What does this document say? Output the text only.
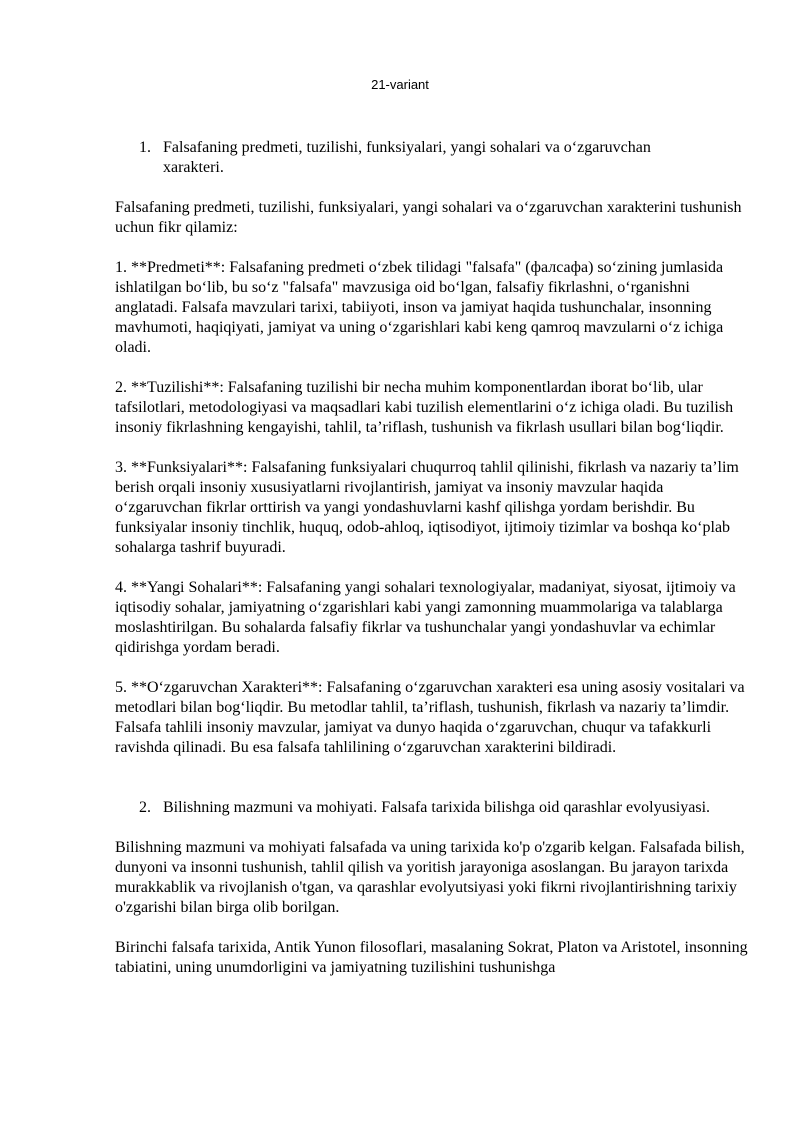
21-variant
1. Falsafaning predmeti, tuzilishi, funksiyalari, yangi sohalari va o‘zgaruvchan xarakteri.

Falsafaning predmeti, tuzilishi, funksiyalari, yangi sohalari va o‘zgaruvchan xarakterini tushunish uchun fikr qilamiz:

1. **Predmeti**: Falsafaning predmeti o‘zbek tilidagi "falsafa" (фалсафа) so‘zining jumlasida ishlatilgan bo‘lib, bu so‘z "falsafa" mavzusiga oid bo‘lgan, falsafiy fikrlashni, o‘rganishni anglatadi. Falsafa mavzulari tarixi, tabiiyoti, inson va jamiyat haqida tushunchalar, insonning mavhumoti, haqiqiyati, jamiyat va uning o‘zgarishlari kabi keng qamroq mavzularni o‘z ichiga oladi.

2. **Tuzilishi**: Falsafaning tuzilishi bir necha muhim komponentlardan iborat bo‘lib, ular tafsilotlari, metodologiyasi va maqsadlari kabi tuzilish elementlarini o‘z ichiga oladi. Bu tuzilish insoniy fikrlashning kengayishi, tahlil, ta’riflash, tushunish va fikrlash usullari bilan bog‘liqdir.

3. **Funksiyalari**: Falsafaning funksiyalari chuqurroq tahlil qilinishi, fikrlash va nazariy ta’lim berish orqali insoniy xususiyatlarni rivojlantirish, jamiyat va insoniy mavzular haqida o‘zgaruvchan fikrlar orttirish va yangi yondashuvlarni kashf qilishga yordam berishdir. Bu funksiyalar insoniy tinchlik, huquq, odob-ahloq, iqtisodiyot, ijtimoiy tizimlar va boshqa ko‘plab sohalarga tashrif buyuradi.

4. **Yangi Sohalari**: Falsafaning yangi sohalari texnologiyalar, madaniyat, siyosat, ijtimoiy va iqtisodiy sohalar, jamiyatning o‘zgarishlari kabi yangi zamonning muammolariga va talablarga moslashtirilgan. Bu sohalarda falsafiy fikrlar va tushunchalar yangi yondashuvlar va echimlar qidirishga yordam beradi.

5. **O‘zgaruvchan Xarakteri**: Falsafaning o‘zgaruvchan xarakteri esa uning asosiy vositalari va metodlari bilan bog‘liqdir. Bu metodlar tahlil, ta’riflash, tushunish, fikrlash va nazariy ta’limdir. Falsafa tahlili insoniy mavzular, jamiyat va dunyo haqida o‘zgaruvchan, chuqur va tafakkurli ravishda qilinadi. Bu esa falsafa tahlilining o‘zgaruvchan xarakterini bildiradi.

2. Bilishning mazmuni va mohiyati. Falsafa tarixida bilishga oid qarashlar evolyusiyasi.

Bilishning mazmuni va mohiyati falsafada va uning tarixida ko'p o'zgarib kelgan. Falsafada bilish, dunyoni va insonni tushunish, tahlil qilish va yoritish jarayoniga asoslangan. Bu jarayon tarixda murakkablik va rivojlanish o'tgan, va qarashlar evolyutsiyasi yoki fikrni rivojlantirishning tarixiy o'zgarishi bilan birga olib borilgan.

Birinchi falsafa tarixida, Antik Yunon filosoflari, masalaning Sokrat, Platon va Aristotel, insonning tabiatini, uning unumdorligini va jamiyatning tuzilishini tushunishga
